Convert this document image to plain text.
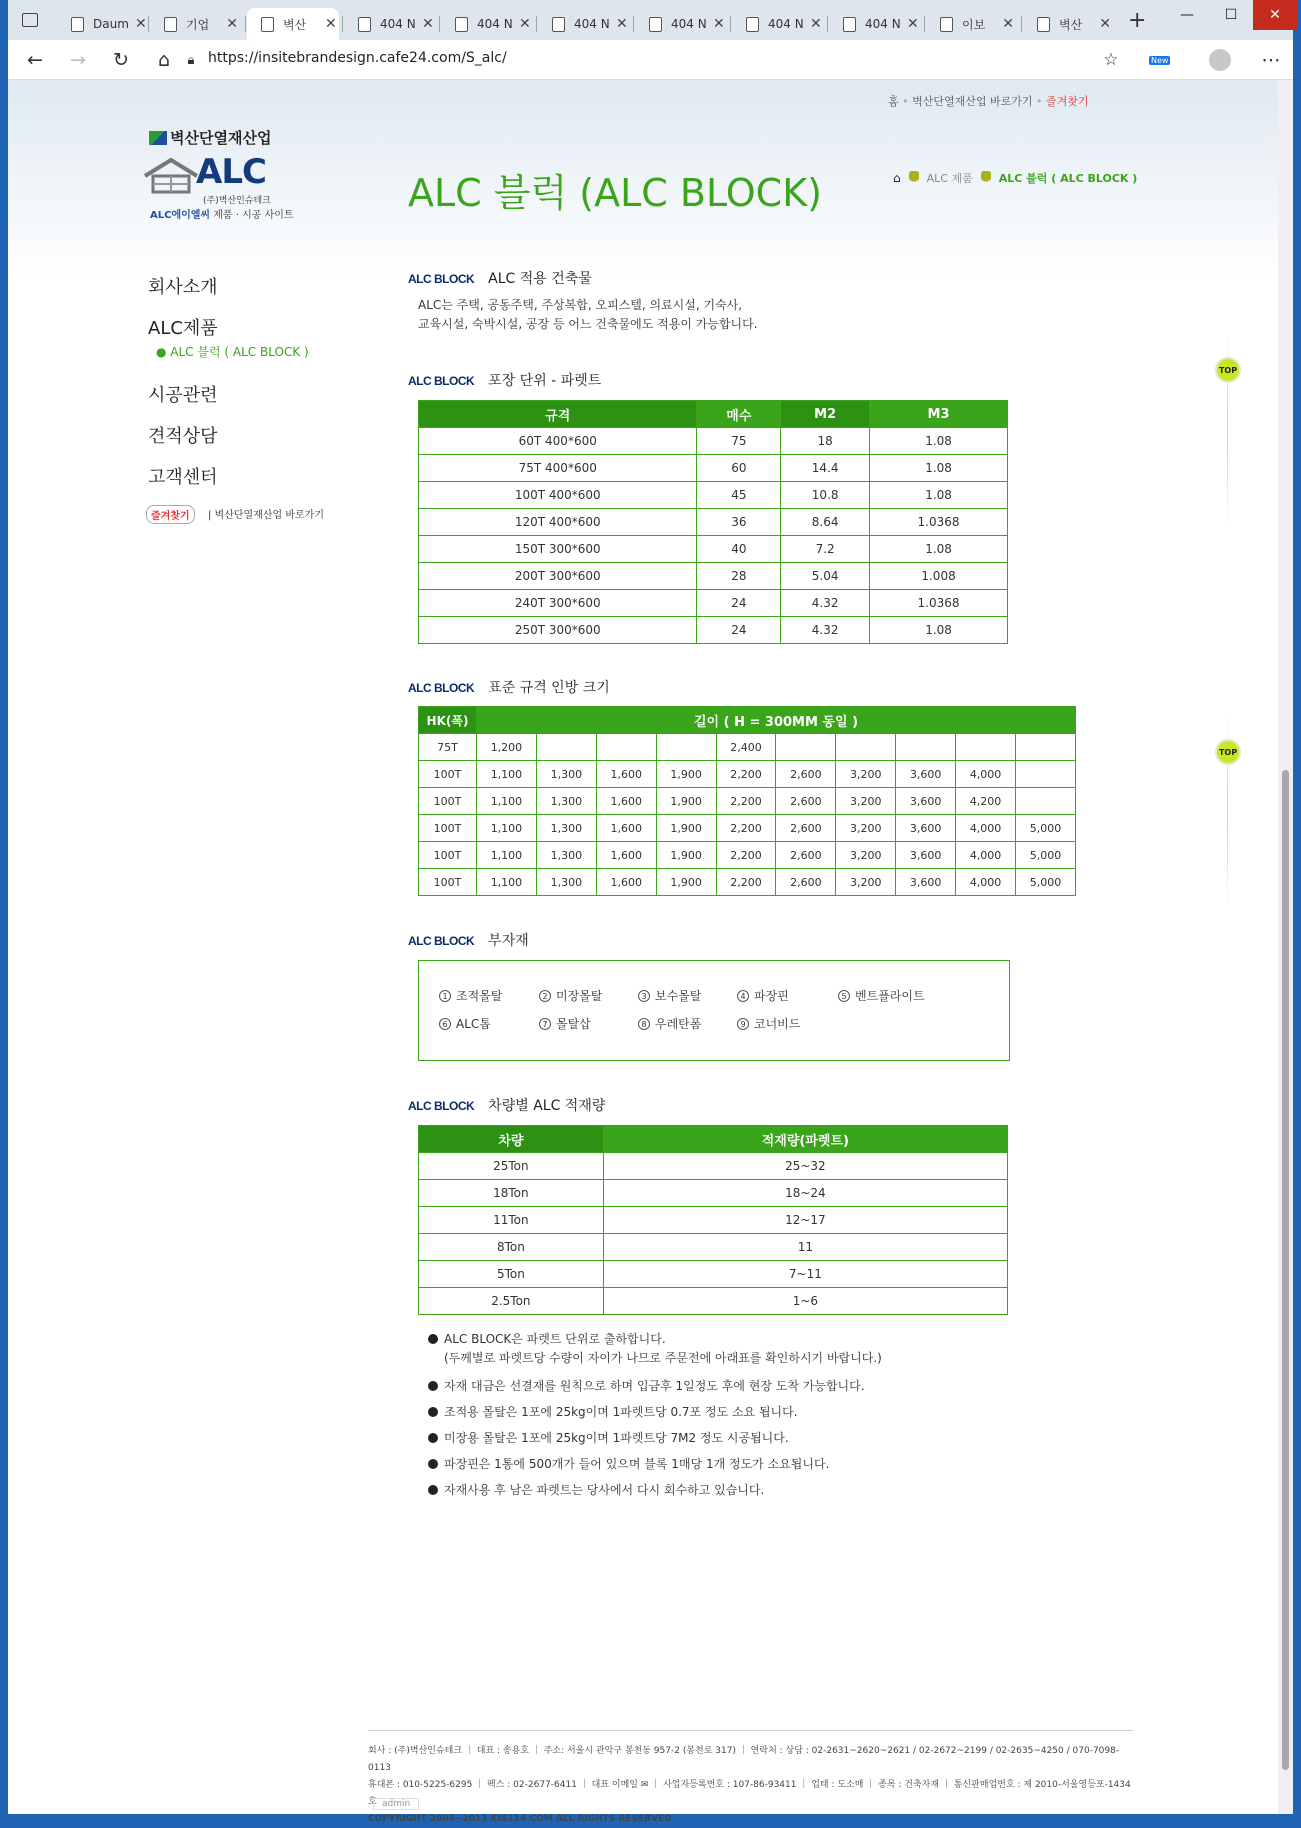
Daum ✕	기업	✕	벽산	✕	404 N ✕	404 N ✕	404 N ✕	404 N ✕	404 N ✕	404 N ✕	이보	✕	벽산	✕ +	—	☐	✕
← → ↻	⌂	🔒︎ https://insitebrandesign.cafe24.com/S_alc/	☆	New	⋯
홈 • 벽산단열재산업 바로가기 • 즐겨찾기
벽산단열재산업
ALC
(주)벽산인슈테크
ALC에이엘씨 제품 · 시공 사이트
ALC 블럭 (ALC BLOCK)	⌂ ALC 제품 ALC 블럭 ( ALC BLOCK )
회사소개
ALC제품
● ALC 블럭 ( ALC BLOCK )
시공관련
견적상담
고객센터
즐겨찾기	| 벽산단열재산업 바로가기
ALC BLOCK ALC 적용 건축물
ALC는 주택, 공동주택, 주상복합, 오피스텔, 의료시설, 기숙사,
교육시설, 숙박시설, 공장 등 어느 건축물에도 적용이 가능합니다.
ALC BLOCK 포장 단위 - 파렛트
규격	매수	M2	M3
60T 400*600	75	18	1.08
75T 400*600	60	14.4	1.08
100T 400*600	45	10.8	1.08
120T 400*600	36	8.64	1.0368
150T 300*600	40	7.2	1.08
200T 300*600	28	5.04	1.008
240T 300*600	24	4.32	1.0368
250T 300*600	24	4.32	1.08
ALC BLOCK 표준 규격 인방 크기
HK(폭)	길이 ( H = 300MM 동일 )									
75T	1,200				2,400					
100T	1,100	1,300	1,600	1,900	2,200	2,600	3,200	3,600	4,000	
100T	1,100	1,300	1,600	1,900	2,200	2,600	3,200	3,600	4,200	
100T	1,100	1,300	1,600	1,900	2,200	2,600	3,200	3,600	4,000	5,000
100T	1,100	1,300	1,600	1,900	2,200	2,600	3,200	3,600	4,000	5,000
100T	1,100	1,300	1,600	1,900	2,200	2,600	3,200	3,600	4,000	5,000
ALC BLOCK 부자재
1 조적몰탈	2 미장몰탈	3 보수몰탈	4 파장핀	5 벤트플라이트
6 ALC톱	7 몰탈삽	8 우레탄폼	9 코너비드
ALC BLOCK 차량별 ALC 적재량
차량	적재량(파렛트)
25Ton	25~32
18Ton	18~24
11Ton	12~17
8Ton	11
5Ton	7~11
2.5Ton	1~6
ALC BLOCK은 파렛트 단위로 출하합니다.
(두께별로 파렛트당 수량이 자이가 나므로 주문전에 아래표를 확인하시기 바랍니다.)
자재 대금은 선결재를 원칙으로 하며 입금후 1일정도 후에 현장 도착 가능합니다.
조적용 몰탈은 1포에 25kg이며 1파렛트당 0.7포 정도 소요 됩니다.
미장용 몰탈은 1포에 25kg이며 1파렛트당 7M2 정도 시공됩니다.
파장핀은 1통에 500개가 들어 있으며 블록 1매당 1개 정도가 소요됩니다.
자재사용 후 남은 파렛트는 당사에서 다시 회수하고 있습니다.
TOP
TOP
회사 : (주)벽산인슈테크 ｜ 대표 : 송용호 ｜ 주소: 서울시 관악구 봉천동 957-2 (봉천로 317) ｜ 연락처 : 상담 : 02-2631~2620~2621 / 02-2672~2199 / 02-2635~4250 / 070-7098-0113
휴대폰 : 010-5225-6295 ｜ 팩스 : 02-2677-6411 ｜ 대표 이메일 ✉ ｜ 사업자등록번호 : 107-86-93411 ｜ 업태 : 도소매 ｜ 종목 : 건축자재 ｜ 통신판매업번호 : 제 2010-서울영등포-1434호
COPYRIGHT 2004~2013 KIS114.COM ALL RIGHTS RESERVED
admin
